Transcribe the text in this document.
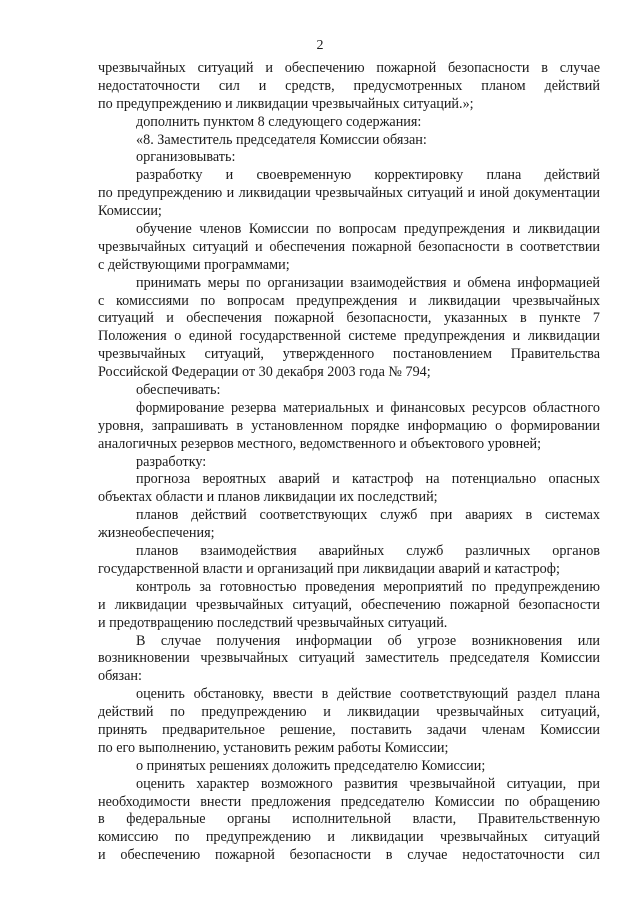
2
чрезвычайных ситуаций и обеспечению пожарной безопасности в случае
недостаточности сил и средств, предусмотренных планом действий
по предупреждению и ликвидации чрезвычайных ситуаций.»;
дополнить пунктом 8 следующего содержания:
«8. Заместитель председателя Комиссии обязан:
организовывать:
разработку и своевременную корректировку плана действий
по предупреждению и ликвидации чрезвычайных ситуаций и иной документации
Комиссии;
обучение членов Комиссии по вопросам предупреждения и ликвидации
чрезвычайных ситуаций и обеспечения пожарной безопасности в соответствии
с действующими программами;
принимать меры по организации взаимодействия и обмена информацией
с комиссиями по вопросам предупреждения и ликвидации чрезвычайных
ситуаций и обеспечения пожарной безопасности, указанных в пункте 7
Положения о единой государственной системе предупреждения и ликвидации
чрезвычайных ситуаций, утвержденного постановлением Правительства
Российской Федерации от 30 декабря 2003 года № 794;
обеспечивать:
формирование резерва материальных и финансовых ресурсов областного
уровня, запрашивать в установленном порядке информацию о формировании
аналогичных резервов местного, ведомственного и объектового уровней;
разработку:
прогноза вероятных аварий и катастроф на потенциально опасных
объектах области и планов ликвидации их последствий;
планов действий соответствующих служб при авариях в системах
жизнеобеспечения;
планов взаимодействия аварийных служб различных органов
государственной власти и организаций при ликвидации аварий и катастроф;
контроль за готовностью проведения мероприятий по предупреждению
и ликвидации чрезвычайных ситуаций, обеспечению пожарной безопасности
и предотвращению последствий чрезвычайных ситуаций.
В случае получения информации об угрозе возникновения или
возникновении чрезвычайных ситуаций заместитель председателя Комиссии
обязан:
оценить обстановку, ввести в действие соответствующий раздел плана
действий по предупреждению и ликвидации чрезвычайных ситуаций,
принять предварительное решение, поставить задачи членам Комиссии
по его выполнению, установить режим работы Комиссии;
о принятых решениях доложить председателю Комиссии;
оценить характер возможного развития чрезвычайной ситуации, при
необходимости внести предложения председателю Комиссии по обращению
в федеральные органы исполнительной власти, Правительственную
комиссию по предупреждению и ликвидации чрезвычайных ситуаций
и обеспечению пожарной безопасности в случае недостаточности сил
